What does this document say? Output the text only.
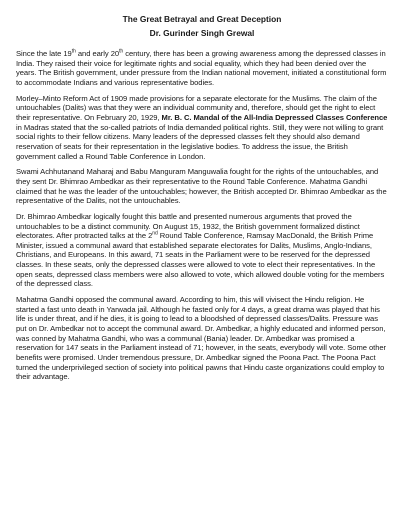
The Great Betrayal and Great Deception

Dr. Gurinder Singh Grewal

Since the late 19th and early 20th century, there has been a growing awareness among the depressed classes in India. They raised their voice for legitimate rights and social equality, which they had been denied over the years. The British government, under pressure from the Indian national movement, initiated a constitutional form to accommodate Indians and various representative bodies.

Morley–Minto Reform Act of 1909 made provisions for a separate electorate for the Muslims. The claim of the untouchables (Dalits) was that they were an individual community and, therefore, should get the right to elect their representative. On February 20, 1929, Mr. B. C. Mandal of the All-India Depressed Classes Conference in Madras stated that the so-called patriots of India demanded political rights. Still, they were not willing to grant social rights to their fellow citizens. Many leaders of the depressed classes felt they should also demand reservation of seats for their representation in the legislative bodies. To address the issue, the British government called a Round Table Conference in London.

Swami Achhutanand Maharaj and Babu Manguram Manguwalia fought for the rights of the untouchables, and they sent Dr. Bhimrao Ambedkar as their representative to the Round Table Conference. Mahatma Gandhi claimed that he was the leader of the untouchables; however, the British accepted Dr. Bhimrao Ambedkar as the representative of the Dalits, not the untouchables.

Dr. Bhimrao Ambedkar logically fought this battle and presented numerous arguments that proved the untouchables to be a distinct community. On August 15, 1932, the British government formalized distinct electorates. After protracted talks at the 2nd Round Table Conference, Ramsay MacDonald, the British Prime Minister, issued a communal award that established separate electorates for Dalits, Muslims, Anglo-Indians, Christians, and Europeans. In this award, 71 seats in the Parliament were to be reserved for the depressed classes. In these seats, only the depressed classes were allowed to vote to elect their representatives. In the open seats, depressed class members were also allowed to vote, which allowed double voting for the members of the depressed class.

Mahatma Gandhi opposed the communal award. According to him, this will vivisect the Hindu religion. He started a fast unto death in Yarwada jail. Although he fasted only for 4 days, a great drama was played that his life is under threat, and if he dies, it is going to lead to a bloodshed of depressed classes/Dalits. Pressure was put on Dr. Ambedkar not to accept the communal award. Dr. Ambedkar, a highly educated and informed person, was conned by Mahatma Gandhi, who was a communal (Bania) leader. Dr. Ambedkar was promised a reservation for 147 seats in the Parliament instead of 71; however, in the seats, everybody will vote. Some other benefits were promised. Under tremendous pressure, Dr. Ambedkar signed the Poona Pact. The Poona Pact turned the underprivileged section of society into political pawns that Hindu caste organizations could employ to their advantage.
